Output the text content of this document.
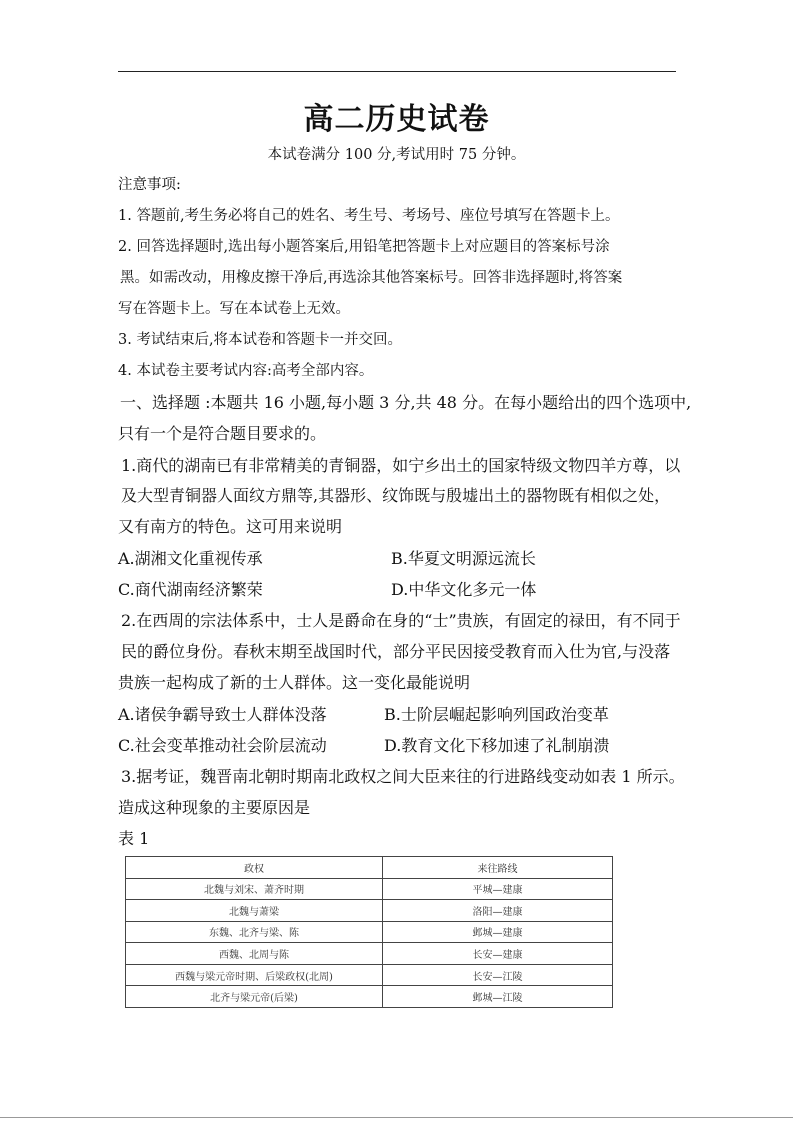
高二历史试卷
本试卷满分 100 分,考试用时 75 分钟。
注意事项:
1. 答题前,考生务必将自己的姓名、考生号、考场号、座位号填写在答题卡上。
2. 回答选择题时,选出每小题答案后,用铅笔把答题卡上对应题目的答案标号涂
黑。如需改动，用橡皮擦干净后,再选涂其他答案标号。回答非选择题时,将答案
写在答题卡上。写在本试卷上无效。
3. 考试结束后,将本试卷和答题卡一并交回。
4. 本试卷主要考试内容:高考全部内容。
一、选择题 :本题共 16 小题,每小题 3 分,共 48 分。在每小题给出的四个选项中,
只有一个是符合题目要求的。
1.商代的湖南已有非常精美的青铜器，如宁乡出土的国家特级文物四羊方尊，以
及大型青铜器人面纹方鼎等,其器形、纹饰既与殷墟出土的器物既有相似之处，
又有南方的特色。这可用来说明
A.湖湘文化重视传承	B.华夏文明源远流长
C.商代湖南经济繁荣	D.中华文化多元一体
2.在西周的宗法体系中，士人是爵命在身的“士”贵族，有固定的禄田，有不同于
民的爵位身份。春秋末期至战国时代，部分平民因接受教育而入仕为官,与没落
贵族一起构成了新的士人群体。这一变化最能说明
A.诸侯争霸导致士人群体没落	B.士阶层崛起影响列国政治变革
C.社会变革推动社会阶层流动	D.教育文化下移加速了礼制崩溃
3.据考证，魏晋南北朝时期南北政权之间大臣来往的行进路线变动如表 1 所示。
造成这种现象的主要原因是
表 1
政权	来往路线
北魏与刘宋、萧齐时期	平城—建康
北魏与萧梁	洛阳—建康
东魏、北齐与梁、陈	邺城—建康
西魏、北周与陈	长安—建康
西魏与梁元帝时期、后梁政权(北周)	长安—江陵
北齐与梁元帝(后梁)	邺城—江陵
